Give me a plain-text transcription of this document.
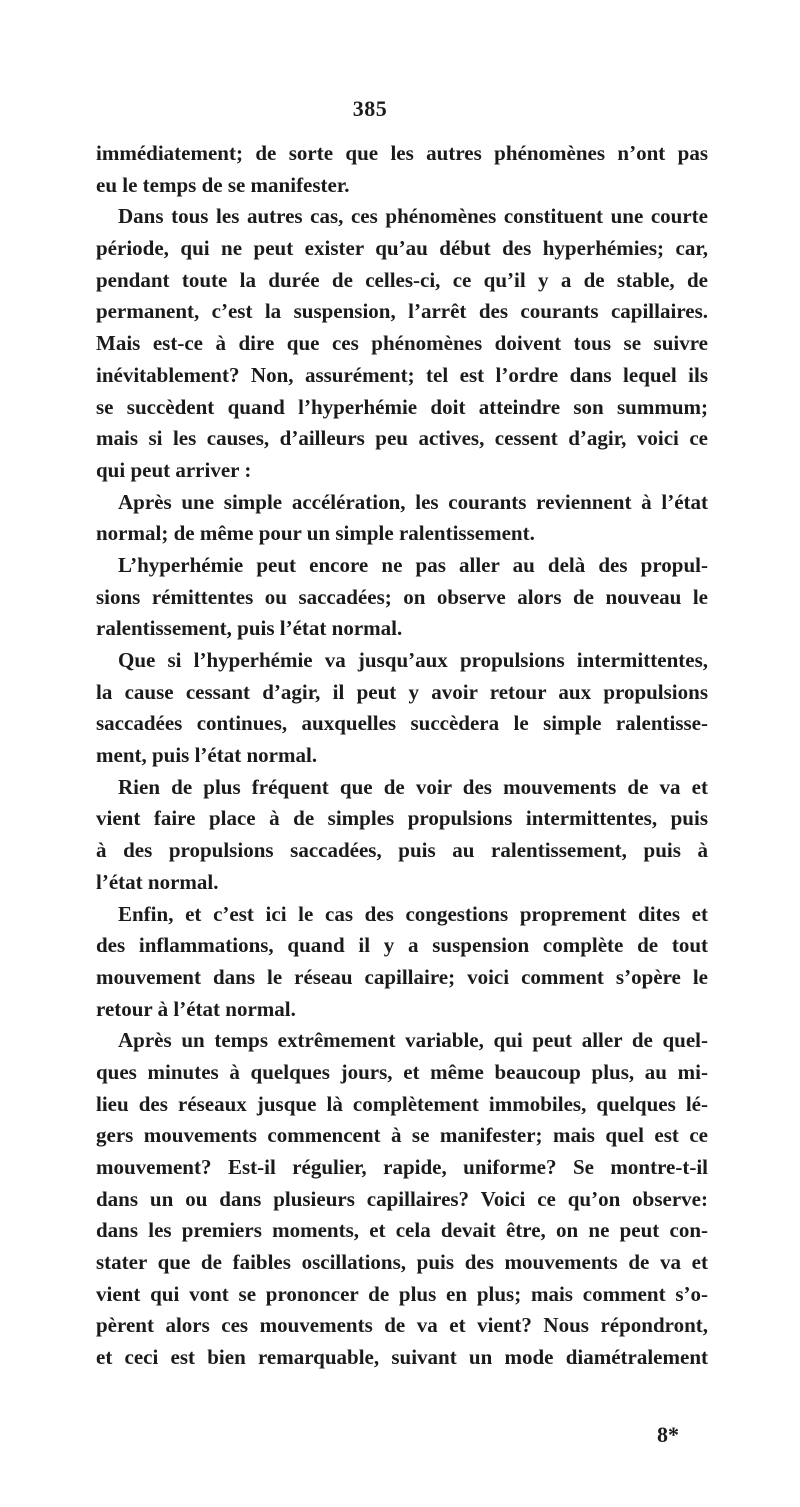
385
immédiatement; de sorte que les autres phénomènes n’ont pas
eu le temps de se manifester.
Dans tous les autres cas, ces phénomènes constituent une courte
période, qui ne peut exister qu’au début des hyperhémies; car,
pendant toute la durée de celles-ci, ce qu’il y a de stable, de
permanent, c’est la suspension, l’arrêt des courants capillaires.
Mais est-ce à dire que ces phénomènes doivent tous se suivre
inévitablement? Non, assurément; tel est l’ordre dans lequel ils
se succèdent quand l’hyperhémie doit atteindre son summum;
mais si les causes, d’ailleurs peu actives, cessent d’agir, voici ce
qui peut arriver :
Après une simple accélération, les courants reviennent à l’état
normal; de même pour un simple ralentissement.
L’hyperhémie peut encore ne pas aller au delà des propul-
sions rémittentes ou saccadées; on observe alors de nouveau le
ralentissement, puis l’état normal.
Que si l’hyperhémie va jusqu’aux propulsions intermittentes,
la cause cessant d’agir, il peut y avoir retour aux propulsions
saccadées continues, auxquelles succèdera le simple ralentisse-
ment, puis l’état normal.
Rien de plus fréquent que de voir des mouvements de va et
vient faire place à de simples propulsions intermittentes, puis
à des propulsions saccadées, puis au ralentissement, puis à
l’état normal.
Enfin, et c’est ici le cas des congestions proprement dites et
des inflammations, quand il y a suspension complète de tout
mouvement dans le réseau capillaire; voici comment s’opère le
retour à l’état normal.
Après un temps extrêmement variable, qui peut aller de quel-
ques minutes à quelques jours, et même beaucoup plus, au mi-
lieu des réseaux jusque là complètement immobiles, quelques lé-
gers mouvements commencent à se manifester; mais quel est ce
mouvement? Est-il régulier, rapide, uniforme? Se montre-t-il
dans un ou dans plusieurs capillaires? Voici ce qu’on observe:
dans les premiers moments, et cela devait être, on ne peut con-
stater que de faibles oscillations, puis des mouvements de va et
vient qui vont se prononcer de plus en plus; mais comment s’o-
pèrent alors ces mouvements de va et vient? Nous répondront,
et ceci est bien remarquable, suivant un mode diamétralement
8*
